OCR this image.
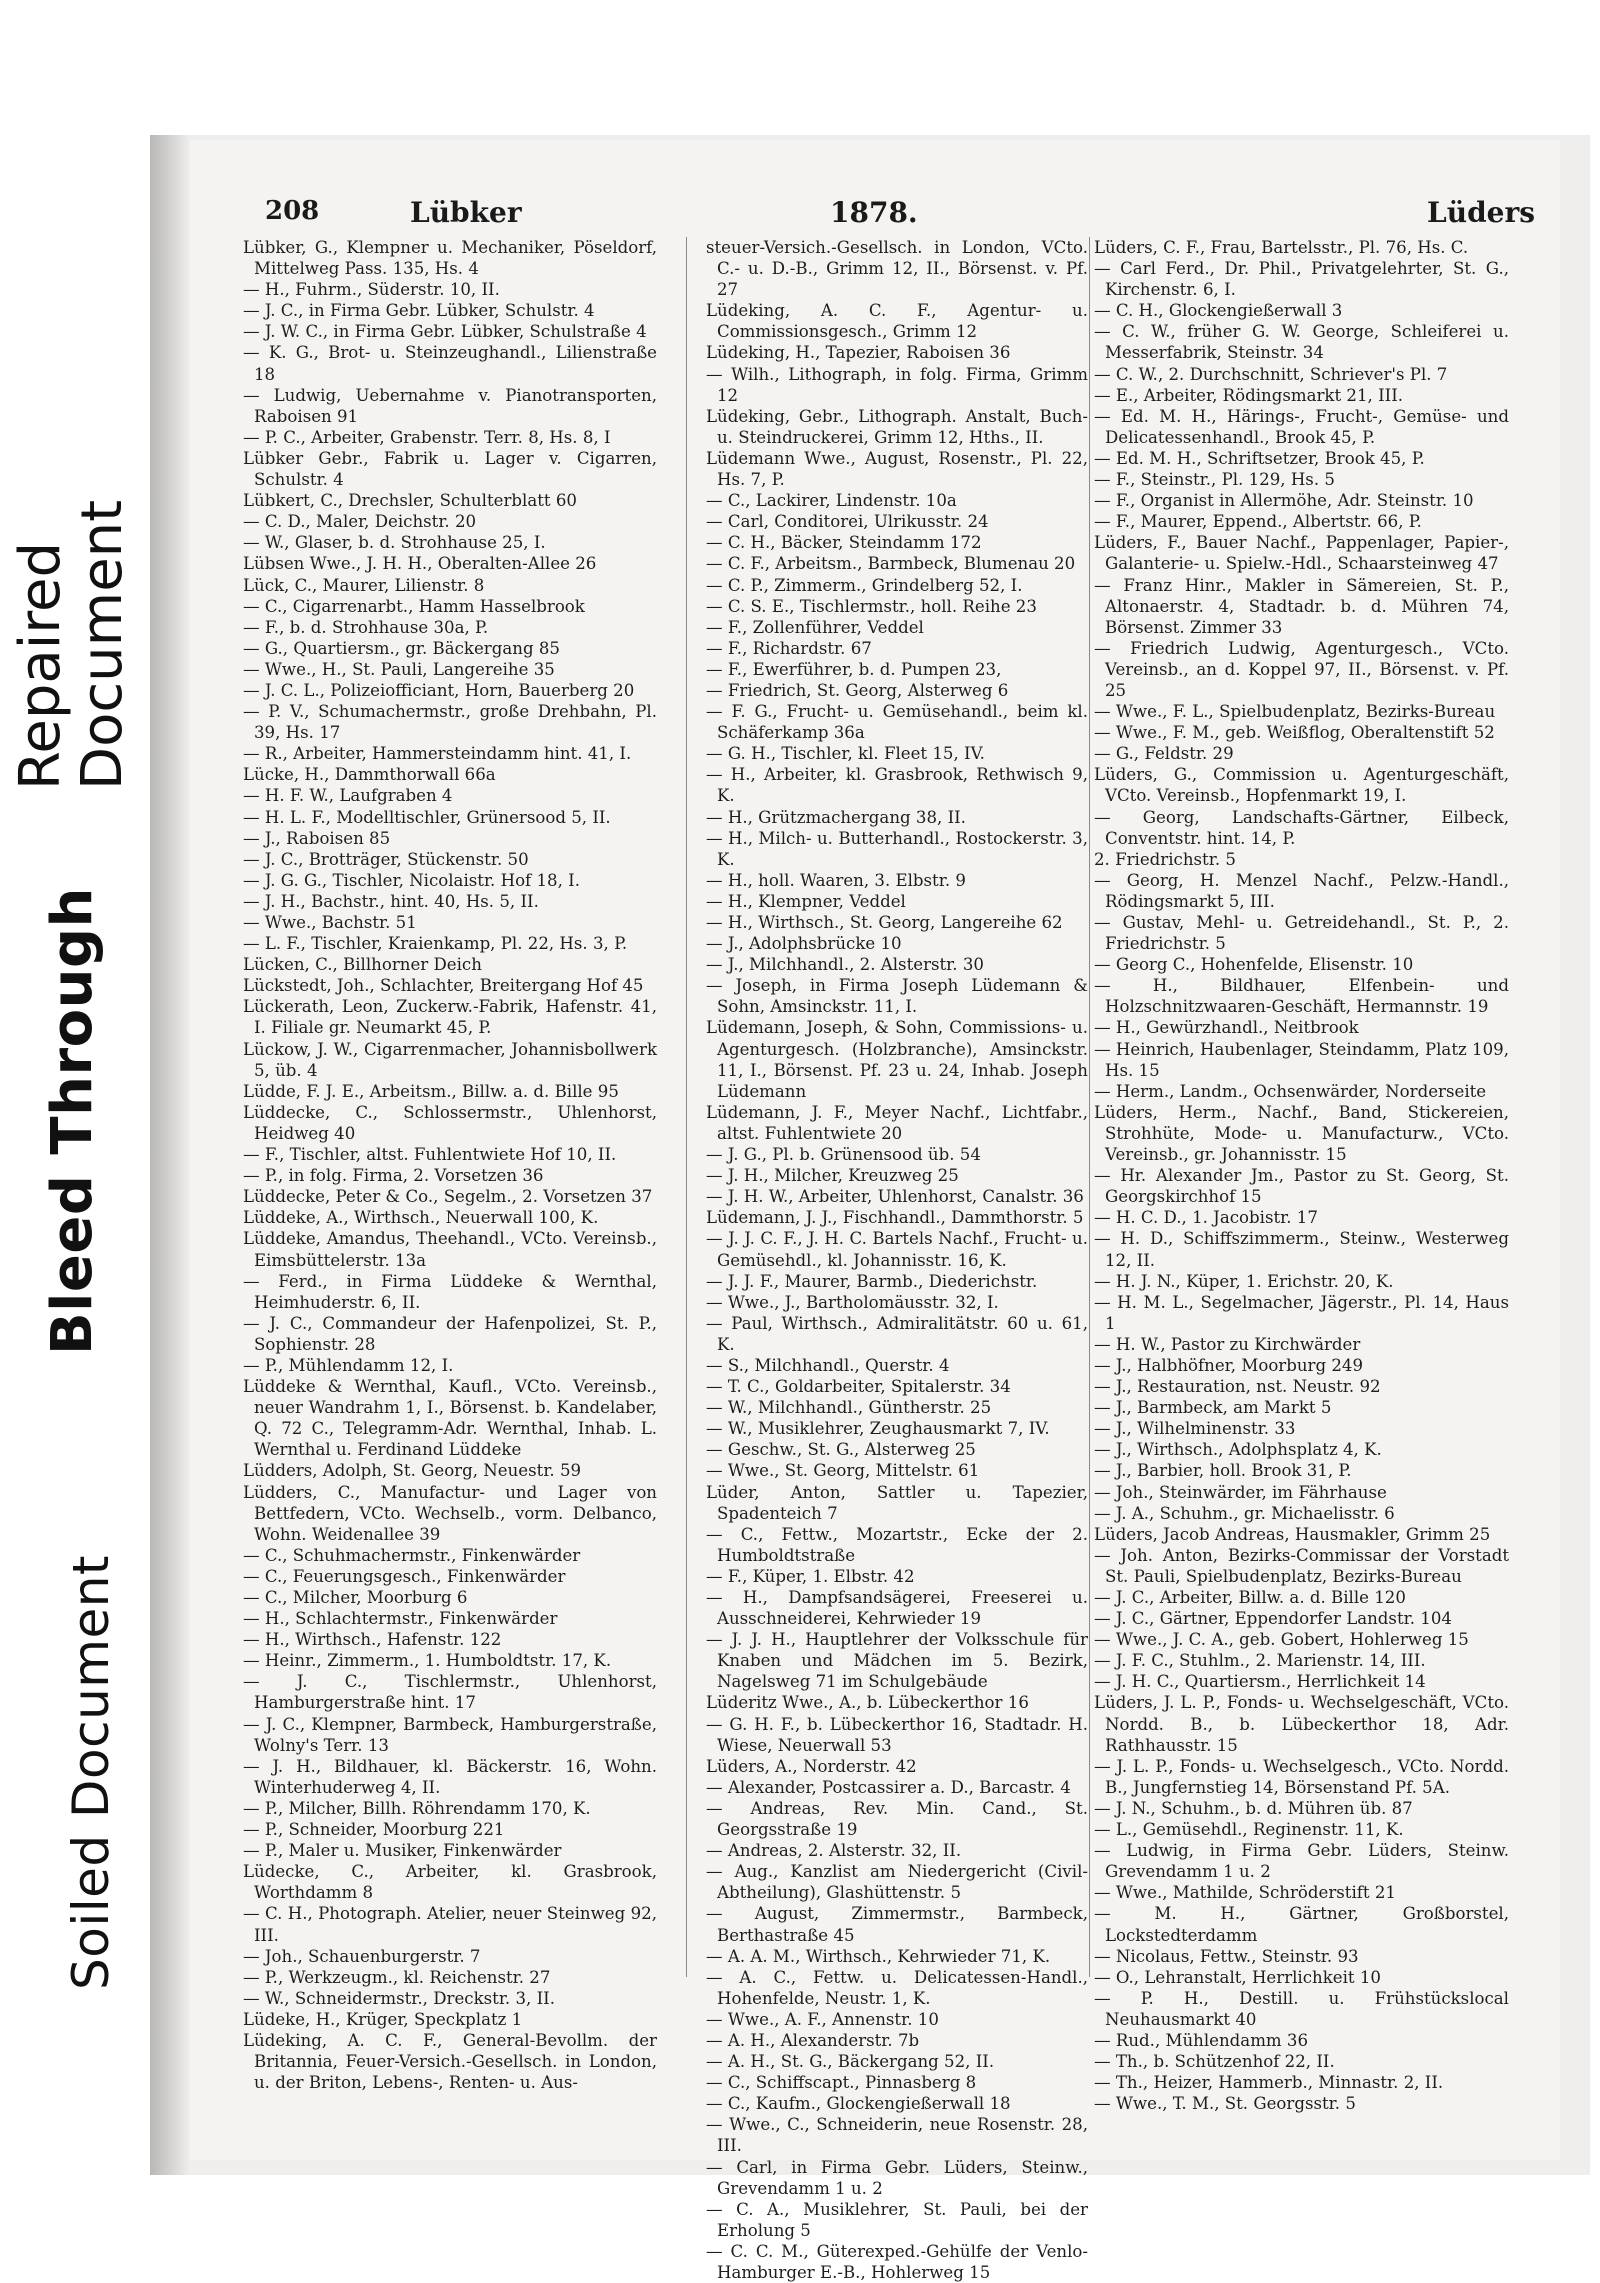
Soiled Document
Bleed Through
Repaired
Document
208	Lübker	1878.	Lüders

Lübker, G., Klempner u. Mechaniker, Pöseldorf, Mittelweg Pass. 135, Hs. 4

— H., Fuhrm., Süderstr. 10, II.

— J. C., in Firma Gebr. Lübker, Schulstr. 4

— J. W. C., in Firma Gebr. Lübker, Schulstraße 4

— K. G., Brot- u. Steinzeughandl., Lilienstraße 18

— Ludwig, Uebernahme v. Pianotransporten, Raboisen 91

— P. C., Arbeiter, Grabenstr. Terr. 8, Hs. 8, I

Lübker Gebr., Fabrik u. Lager v. Cigarren, Schulstr. 4

Lübkert, C., Drechsler, Schulterblatt 60

— C. D., Maler, Deichstr. 20

— W., Glaser, b. d. Strohhause 25, I.

Lübsen Wwe., J. H. H., Oberalten-Allee 26

Lück, C., Maurer, Lilienstr. 8

— C., Cigarrenarbt., Hamm Hasselbrook

— F., b. d. Strohhause 30a, P.

— G., Quartiersm., gr. Bäckergang 85

— Wwe., H., St. Pauli, Langereihe 35

— J. C. L., Polizeiofficiant, Horn, Bauerberg 20

— P. V., Schumachermstr., große Drehbahn, Pl. 39, Hs. 17

— R., Arbeiter, Hammersteindamm hint. 41, I.

Lücke, H., Dammthorwall 66a

— H. F. W., Laufgraben 4

— H. L. F., Modelltischler, Grünersood 5, II.

— J., Raboisen 85

— J. C., Brotträger, Stückenstr. 50

— J. G. G., Tischler, Nicolaistr. Hof 18, I.

— J. H., Bachstr., hint. 40, Hs. 5, II.

— Wwe., Bachstr. 51

— L. F., Tischler, Kraienkamp, Pl. 22, Hs. 3, P.

Lücken, C., Billhorner Deich

Lückstedt, Joh., Schlachter, Breitergang Hof 45

Lückerath, Leon, Zuckerw.-Fabrik, Hafenstr. 41, I. Filiale gr. Neumarkt 45, P.

Lückow, J. W., Cigarrenmacher, Johannisbollwerk 5, üb. 4

Lüdde, F. J. E., Arbeitsm., Billw. a. d. Bille 95

Lüddecke, C., Schlossermstr., Uhlenhorst, Heidweg 40

— F., Tischler, altst. Fuhlentwiete Hof 10, II.

— P., in folg. Firma, 2. Vorsetzen 36

Lüddecke, Peter & Co., Segelm., 2. Vorsetzen 37

Lüddeke, A., Wirthsch., Neuerwall 100, K.

Lüddeke, Amandus, Theehandl., VCto. Vereinsb., Eimsbüttelerstr. 13a

— Ferd., in Firma Lüddeke & Wernthal, Heimhuderstr. 6, II.

— J. C., Commandeur der Hafenpolizei, St. P., Sophienstr. 28

— P., Mühlendamm 12, I.

Lüddeke & Wernthal, Kaufl., VCto. Vereinsb., neuer Wandrahm 1, I., Börsenst. b. Kandelaber, Q. 72 C., Telegramm-Adr. Wernthal, Inhab. L. Wernthal u. Ferdinand Lüddeke

Lüdders, Adolph, St. Georg, Neuestr. 59

Lüdders, C., Manufactur- und Lager von Bettfedern, VCto. Wechselb., vorm. Delbanco, Wohn. Weidenallee 39

— C., Schuhmachermstr., Finkenwärder

— C., Feuerungsgesch., Finkenwärder

— C., Milcher, Moorburg 6

— H., Schlachtermstr., Finkenwärder

— H., Wirthsch., Hafenstr. 122

— Heinr., Zimmerm., 1. Humboldtstr. 17, K.

— J. C., Tischlermstr., Uhlenhorst, Hamburgerstraße hint. 17

— J. C., Klempner, Barmbeck, Hamburgerstraße, Wolny's Terr. 13

— J. H., Bildhauer, kl. Bäckerstr. 16, Wohn. Winterhuderweg 4, II.

— P., Milcher, Billh. Röhrendamm 170, K.

— P., Schneider, Moorburg 221

— P., Maler u. Musiker, Finkenwärder

Lüdecke, C., Arbeiter, kl. Grasbrook, Worthdamm 8

— C. H., Photograph. Atelier, neuer Steinweg 92, III.

— Joh., Schauenburgerstr. 7

— P., Werkzeugm., kl. Reichenstr. 27

— W., Schneidermstr., Dreckstr. 3, II.

Lüdeke, H., Krüger, Speckplatz 1

Lüdeking, A. C. F., General-Bevollm. der Britannia, Feuer-Versich.-Gesellsch. in London, u. der Briton, Lebens-, Renten- u. Aus-

steuer-Versich.-Gesellsch. in London, VCto. C.- u. D.-B., Grimm 12, II., Börsenst. v. Pf. 27

Lüdeking, A. C. F., Agentur- u. Commissionsgesch., Grimm 12

Lüdeking, H., Tapezier, Raboisen 36

— Wilh., Lithograph, in folg. Firma, Grimm 12

Lüdeking, Gebr., Lithograph. Anstalt, Buch- u. Steindruckerei, Grimm 12, Hths., II.

Lüdemann Wwe., August, Rosenstr., Pl. 22, Hs. 7, P.

— C., Lackirer, Lindenstr. 10a

— Carl, Conditorei, Ulrikusstr. 24

— C. H., Bäcker, Steindamm 172

— C. F., Arbeitsm., Barmbeck, Blumenau 20

— C. P., Zimmerm., Grindelberg 52, I.

— C. S. E., Tischlermstr., holl. Reihe 23

— F., Zollenführer, Veddel

— F., Richardstr. 67

— F., Ewerführer, b. d. Pumpen 23,

— Friedrich, St. Georg, Alsterweg 6

— F. G., Frucht- u. Gemüsehandl., beim kl. Schäferkamp 36a

— G. H., Tischler, kl. Fleet 15, IV.

— H., Arbeiter, kl. Grasbrook, Rethwisch 9, K.

— H., Grützmachergang 38, II.

— H., Milch- u. Butterhandl., Rostockerstr. 3, K.

— H., holl. Waaren, 3. Elbstr. 9

— H., Klempner, Veddel

— H., Wirthsch., St. Georg, Langereihe 62

— J., Adolphsbrücke 10

— J., Milchhandl., 2. Alsterstr. 30

— Joseph, in Firma Joseph Lüdemann & Sohn, Amsinckstr. 11, I.

Lüdemann, Joseph, & Sohn, Commissions- u. Agenturgesch. (Holzbranche), Amsinckstr. 11, I., Börsenst. Pf. 23 u. 24, Inhab. Joseph Lüdemann

Lüdemann, J. F., Meyer Nachf., Lichtfabr., altst. Fuhlentwiete 20

— J. G., Pl. b. Grünensood üb. 54

— J. H., Milcher, Kreuzweg 25

— J. H. W., Arbeiter, Uhlenhorst, Canalstr. 36

Lüdemann, J. J., Fischhandl., Dammthorstr. 5

— J. J. C. F., J. H. C. Bartels Nachf., Frucht- u. Gemüsehdl., kl. Johannisstr. 16, K.

— J. J. F., Maurer, Barmb., Diederichstr.

— Wwe., J., Bartholomäusstr. 32, I.

— Paul, Wirthsch., Admiralitätstr. 60 u. 61, K.

— S., Milchhandl., Querstr. 4

— T. C., Goldarbeiter, Spitalerstr. 34

— W., Milchhandl., Güntherstr. 25

— W., Musiklehrer, Zeughausmarkt 7, IV.

— Geschw., St. G., Alsterweg 25

— Wwe., St. Georg, Mittelstr. 61

Lüder, Anton, Sattler u. Tapezier, Spadenteich 7

— C., Fettw., Mozartstr., Ecke der 2. Humboldtstraße

— F., Küper, 1. Elbstr. 42

— H., Dampfsandsägerei, Freeserei u. Ausschneiderei, Kehrwieder 19

— J. J. H., Hauptlehrer der Volksschule für Knaben und Mädchen im 5. Bezirk, Nagelsweg 71 im Schulgebäude

Lüderitz Wwe., A., b. Lübeckerthor 16

— G. H. F., b. Lübeckerthor 16, Stadtadr. H. Wiese, Neuerwall 53

Lüders, A., Norderstr. 42

— Alexander, Postcassirer a. D., Barcastr. 4

— Andreas, Rev. Min. Cand., St. Georgsstraße 19

— Andreas, 2. Alsterstr. 32, II.

— Aug., Kanzlist am Niedergericht (Civil-Abtheilung), Glashüttenstr. 5

— August, Zimmermstr., Barmbeck, Berthastraße 45

— A. A. M., Wirthsch., Kehrwieder 71, K.

— A. C., Fettw. u. Delicatessen-Handl., Hohenfelde, Neustr. 1, K.

— Wwe., A. F., Annenstr. 10

— A. H., Alexanderstr. 7b

— A. H., St. G., Bäckergang 52, II.

— C., Schiffscapt., Pinnasberg 8

— C., Kaufm., Glockengießerwall 18

— Wwe., C., Schneiderin, neue Rosenstr. 28, III.

— Carl, in Firma Gebr. Lüders, Steinw., Grevendamm 1 u. 2

— C. A., Musiklehrer, St. Pauli, bei der Erholung 5

— C. C. M., Güterexped.-Gehülfe der Venlo-Hamburger E.-B., Hohlerweg 15

Lüders, C. F., Frau, Bartelsstr., Pl. 76, Hs. C.

— Carl Ferd., Dr. Phil., Privatgelehrter, St. G., Kirchenstr. 6, I.

— C. H., Glockengießerwall 3

— C. W., früher G. W. George, Schleiferei u. Messerfabrik, Steinstr. 34

— C. W., 2. Durchschnitt, Schriever's Pl. 7

— E., Arbeiter, Rödingsmarkt 21, III.

— Ed. M. H., Härings-, Frucht-, Gemüse- und Delicatessenhandl., Brook 45, P.

— Ed. M. H., Schriftsetzer, Brook 45, P.

— F., Steinstr., Pl. 129, Hs. 5

— F., Organist in Allermöhe, Adr. Steinstr. 10

— F., Maurer, Eppend., Albertstr. 66, P.

Lüders, F., Bauer Nachf., Pappenlager, Papier-, Galanterie- u. Spielw.-Hdl., Schaarsteinweg 47

— Franz Hinr., Makler in Sämereien, St. P., Altonaerstr. 4, Stadtadr. b. d. Mühren 74, Börsenst. Zimmer 33

— Friedrich Ludwig, Agenturgesch., VCto. Vereinsb., an d. Koppel 97, II., Börsenst. v. Pf. 25

— Wwe., F. L., Spielbudenplatz, Bezirks-Bureau

— Wwe., F. M., geb. Weißflog, Oberaltenstift 52

— G., Feldstr. 29

Lüders, G., Commission u. Agenturgeschäft, VCto. Vereinsb., Hopfenmarkt 19, I.

— Georg, Landschafts-Gärtner, Eilbeck, Conventstr. hint. 14, P.

2. Friedrichstr. 5

— Georg, H. Menzel Nachf., Pelzw.-Handl., Rödingsmarkt 5, III.

— Gustav, Mehl- u. Getreidehandl., St. P., 2. Friedrichstr. 5

— Georg C., Hohenfelde, Elisenstr. 10

— H., Bildhauer, Elfenbein- und Holzschnitzwaaren-Geschäft, Hermannstr. 19

— H., Gewürzhandl., Neitbrook

— Heinrich, Haubenlager, Steindamm, Platz 109, Hs. 15

— Herm., Landm., Ochsenwärder, Norderseite

Lüders, Herm., Nachf., Band, Stickereien, Strohhüte, Mode- u. Manufacturw., VCto. Vereinsb., gr. Johannisstr. 15

— Hr. Alexander Jm., Pastor zu St. Georg, St. Georgskirchhof 15

— H. C. D., 1. Jacobistr. 17

— H. D., Schiffszimmerm., Steinw., Westerweg 12, II.

— H. J. N., Küper, 1. Erichstr. 20, K.

— H. M. L., Segelmacher, Jägerstr., Pl. 14, Haus 1

— H. W., Pastor zu Kirchwärder

— J., Halbhöfner, Moorburg 249

— J., Restauration, nst. Neustr. 92

— J., Barmbeck, am Markt 5

— J., Wilhelminenstr. 33

— J., Wirthsch., Adolphsplatz 4, K.

— J., Barbier, holl. Brook 31, P.

— Joh., Steinwärder, im Fährhause

— J. A., Schuhm., gr. Michaelisstr. 6

Lüders, Jacob Andreas, Hausmakler, Grimm 25

— Joh. Anton, Bezirks-Commissar der Vorstadt St. Pauli, Spielbudenplatz, Bezirks-Bureau

— J. C., Arbeiter, Billw. a. d. Bille 120

— J. C., Gärtner, Eppendorfer Landstr. 104

— Wwe., J. C. A., geb. Gobert, Hohlerweg 15

— J. F. C., Stuhlm., 2. Marienstr. 14, III.

— J. H. C., Quartiersm., Herrlichkeit 14

Lüders, J. L. P., Fonds- u. Wechselgeschäft, VCto. Nordd. B., b. Lübeckerthor 18, Adr. Rathhausstr. 15

— J. L. P., Fonds- u. Wechselgesch., VCto. Nordd. B., Jungfernstieg 14, Börsenstand Pf. 5A.

— J. N., Schuhm., b. d. Mühren üb. 87

— L., Gemüsehdl., Reginenstr. 11, K.

— Ludwig, in Firma Gebr. Lüders, Steinw. Grevendamm 1 u. 2

— Wwe., Mathilde, Schröderstift 21

— M. H., Gärtner, Großborstel, Lockstedterdamm

— Nicolaus, Fettw., Steinstr. 93

— O., Lehranstalt, Herrlichkeit 10

— P. H., Destill. u. Frühstückslocal Neuhausmarkt 40

— Rud., Mühlendamm 36

— Th., b. Schützenhof 22, II.

— Th., Heizer, Hammerb., Minnastr. 2, II.

— Wwe., T. M., St. Georgsstr. 5
